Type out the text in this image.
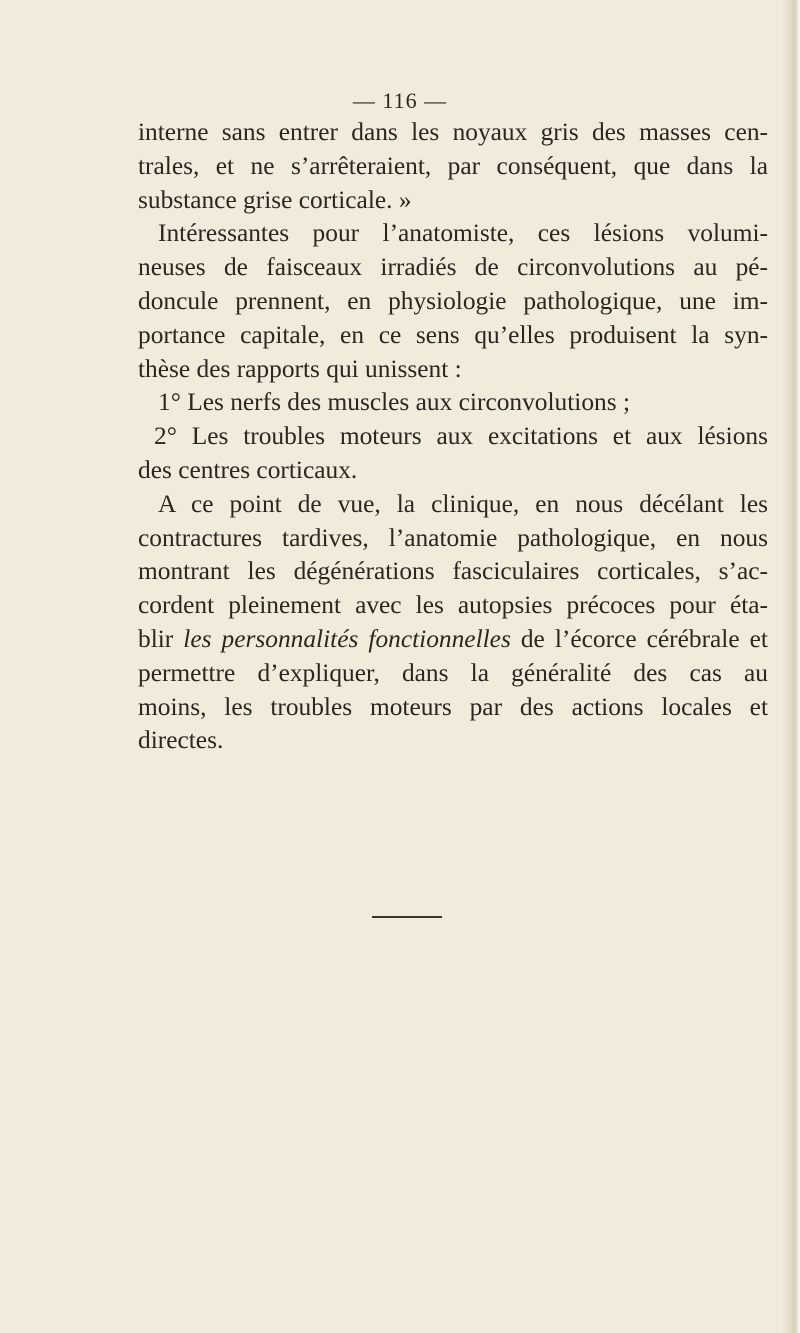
— 116 —
interne sans entrer dans les noyaux gris des masses cen-
trales, et ne s’arrêteraient, par conséquent, que dans la
substance grise corticale. »
Intéressantes pour l’anatomiste, ces lésions volumi-
neuses de faisceaux irradiés de circonvolutions au pé-
doncule prennent, en physiologie pathologique, une im-
portance capitale, en ce sens qu’elles produisent la syn-
thèse des rapports qui unissent :
1° Les nerfs des muscles aux circonvolutions ;
2° Les troubles moteurs aux excitations et aux lésions
des centres corticaux.
A ce point de vue, la clinique, en nous décélant les
contractures tardives, l’anatomie pathologique, en nous
montrant les dégénérations fasciculaires corticales, s’ac-
cordent pleinement avec les autopsies précoces pour éta-
blir les personnalités fonctionnelles de l’écorce cérébrale et
permettre d’expliquer, dans la généralité des cas au
moins, les troubles moteurs par des actions locales et
directes.
